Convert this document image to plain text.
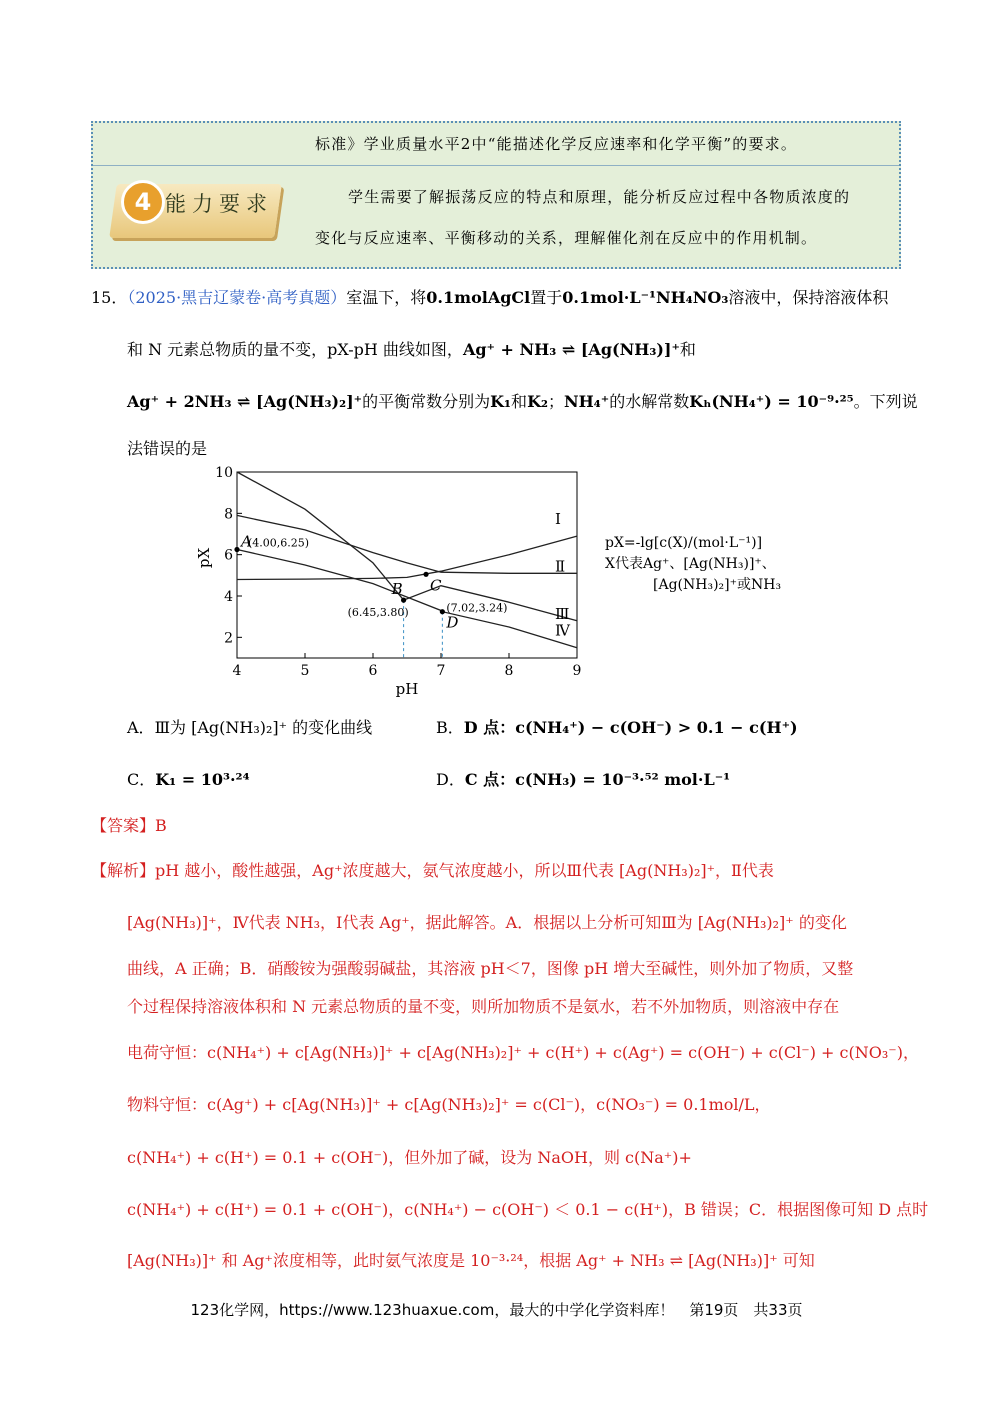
标准》学业质量水平2中“能描述化学反应速率和化学平衡”的要求。
4 能力要求	学生需要了解振荡反应的特点和原理，能分析反应过程中各物质浓度的
变化与反应速率、平衡移动的关系，理解催化剂在反应中的作用机制。
15．（2025·黑吉辽蒙卷·高考真题）室温下，将0.1molAgCl置于0.1mol·L⁻¹NH₄NO₃溶液中，保持溶液体积
和 N 元素总物质的量不变，pX-pH 曲线如图，Ag⁺ + NH₃ ⇌ [Ag(NH₃)]⁺和
Ag⁺ + 2NH₃ ⇌ [Ag(NH₃)₂]⁺的平衡常数分别为K₁和K₂；NH₄⁺的水解常数Kₕ(NH₄⁺) = 10⁻⁹·²⁵。下列说
法错误的是
4	5	6	7	8	9
2
4
6
8
10
Ⅰ
Ⅱ
Ⅲ
Ⅳ
A
(4.00,6.25)
B
(6.45,3.80)
C
D
(7.02,3.24)
pH
pX
pX=-lg[c(X)/(mol·L⁻¹)]
X代表Ag⁺、[Ag(NH₃)]⁺、
[Ag(NH₃)₂]⁺或NH₃
A．Ⅲ为 [Ag(NH₃)₂]⁺ 的变化曲线	B．D 点：c(NH₄⁺) − c(OH⁻) > 0.1 − c(H⁺)
C．K₁ = 10³·²⁴	D．C 点：c(NH₃) = 10⁻³·⁵² mol·L⁻¹
【答案】B
【解析】pH 越小，酸性越强，Ag⁺浓度越大，氨气浓度越小，所以Ⅲ代表 [Ag(NH₃)₂]⁺，Ⅱ代表
[Ag(NH₃)]⁺，Ⅳ代表 NH₃，Ⅰ代表 Ag⁺，据此解答。A．根据以上分析可知Ⅲ为 [Ag(NH₃)₂]⁺ 的变化
曲线，A 正确；B．硝酸铵为强酸弱碱盐，其溶液 pH＜7，图像 pH 增大至碱性，则外加了物质，又整
个过程保持溶液体积和 N 元素总物质的量不变，则所加物质不是氨水，若不外加物质，则溶液中存在
电荷守恒：c(NH₄⁺) + c[Ag(NH₃)]⁺ + c[Ag(NH₃)₂]⁺ + c(H⁺) + c(Ag⁺) = c(OH⁻) + c(Cl⁻) + c(NO₃⁻)，
物料守恒：c(Ag⁺) + c[Ag(NH₃)]⁺ + c[Ag(NH₃)₂]⁺ = c(Cl⁻)，c(NO₃⁻) = 0.1mol/L，
c(NH₄⁺) + c(H⁺) = 0.1 + c(OH⁻)，但外加了碱，设为 NaOH，则 c(Na⁺)+
c(NH₄⁺) + c(H⁺) = 0.1 + c(OH⁻)，c(NH₄⁺) − c(OH⁻) ＜ 0.1 − c(H⁺)，B 错误；C．根据图像可知 D 点时
[Ag(NH₃)]⁺ 和 Ag⁺浓度相等，此时氨气浓度是 10⁻³·²⁴，根据 Ag⁺ + NH₃ ⇌ [Ag(NH₃)]⁺ 可知
123化学网，https://www.123huaxue.com，最大的中学化学资料库！　第19页　共33页
